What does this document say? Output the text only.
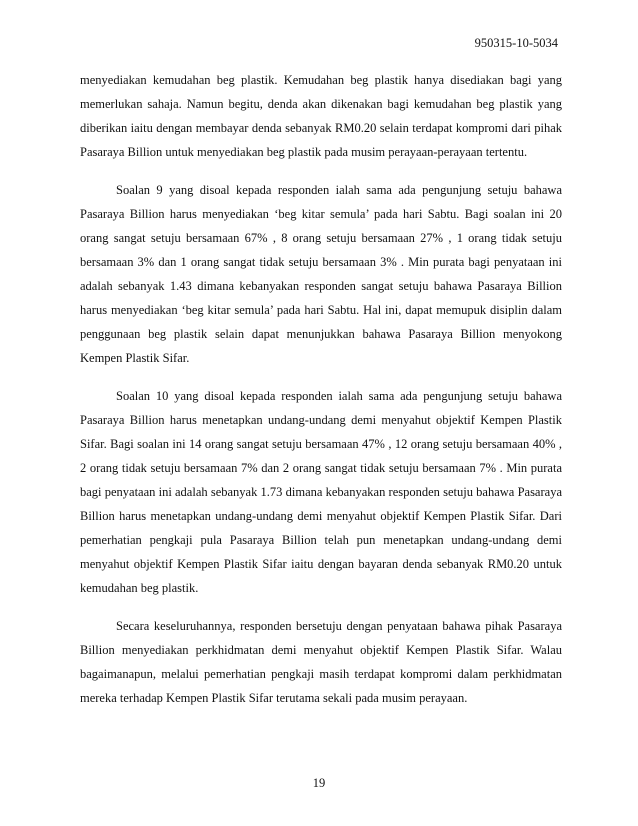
950315-10-5034

menyediakan kemudahan beg plastik. Kemudahan beg plastik hanya disediakan bagi yang memerlukan sahaja. Namun begitu, denda akan dikenakan bagi kemudahan beg plastik yang diberikan iaitu dengan membayar denda sebanyak RM0.20 selain terdapat kompromi dari pihak Pasaraya Billion untuk menyediakan beg plastik pada musim perayaan-perayaan tertentu.

Soalan 9 yang disoal kepada responden ialah sama ada pengunjung setuju bahawa Pasaraya Billion harus menyediakan ‘beg kitar semula’ pada hari Sabtu. Bagi soalan ini 20 orang sangat setuju bersamaan 67% , 8 orang setuju bersamaan 27% , 1 orang tidak setuju bersamaan 3% dan 1 orang sangat tidak setuju bersamaan 3% . Min purata bagi penyataan ini adalah sebanyak 1.43 dimana kebanyakan responden sangat setuju bahawa Pasaraya Billion harus menyediakan ‘beg kitar semula’ pada hari Sabtu. Hal ini, dapat memupuk disiplin dalam penggunaan beg plastik selain dapat menunjukkan bahawa Pasaraya Billion menyokong Kempen Plastik Sifar.

Soalan 10 yang disoal kepada responden ialah sama ada pengunjung setuju bahawa Pasaraya Billion harus menetapkan undang-undang demi menyahut objektif Kempen Plastik Sifar. Bagi soalan ini 14 orang sangat setuju bersamaan 47% , 12 orang setuju bersamaan 40% , 2 orang tidak setuju bersamaan 7% dan 2 orang sangat tidak setuju bersamaan 7% . Min purata bagi penyataan ini adalah sebanyak 1.73 dimana kebanyakan responden setuju bahawa Pasaraya Billion harus menetapkan undang-undang demi menyahut objektif Kempen Plastik Sifar. Dari pemerhatian pengkaji pula Pasaraya Billion telah pun menetapkan undang-undang demi menyahut objektif Kempen Plastik Sifar iaitu dengan bayaran denda sebanyak RM0.20 untuk kemudahan beg plastik.

Secara keseluruhannya, responden bersetuju dengan penyataan bahawa pihak Pasaraya Billion menyediakan perkhidmatan demi menyahut objektif Kempen Plastik Sifar. Walau bagaimanapun, melalui pemerhatian pengkaji masih terdapat kompromi dalam perkhidmatan mereka terhadap Kempen Plastik Sifar terutama sekali pada musim perayaan.

19
